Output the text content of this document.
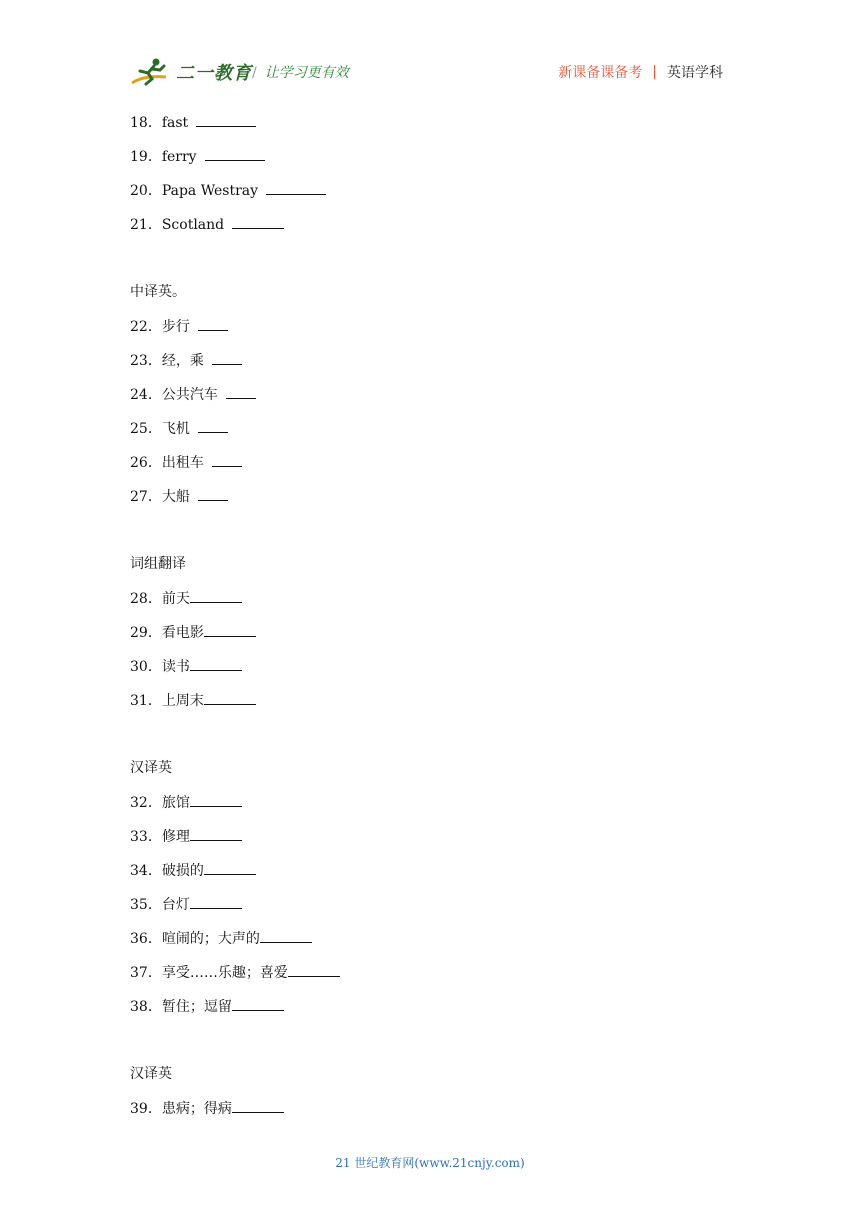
二一教育 / 让学习更有效	新课备课备考 | 英语学科
18．fast
19．ferry
20．Papa Westray
21．Scotland
中译英。
22．步行
23．经，乘
24．公共汽车
25．飞机
26．出租车
27．大船
词组翻译
28．前天
29．看电影
30．读书
31．上周末
汉译英
32．旅馆
33．修理
34．破损的
35．台灯
36．喧闹的；大声的
37．享受……乐趣；喜爱
38．暂住；逗留
汉译英
39．患病；得病
21 世纪教育网(www.21cnjy.com)
